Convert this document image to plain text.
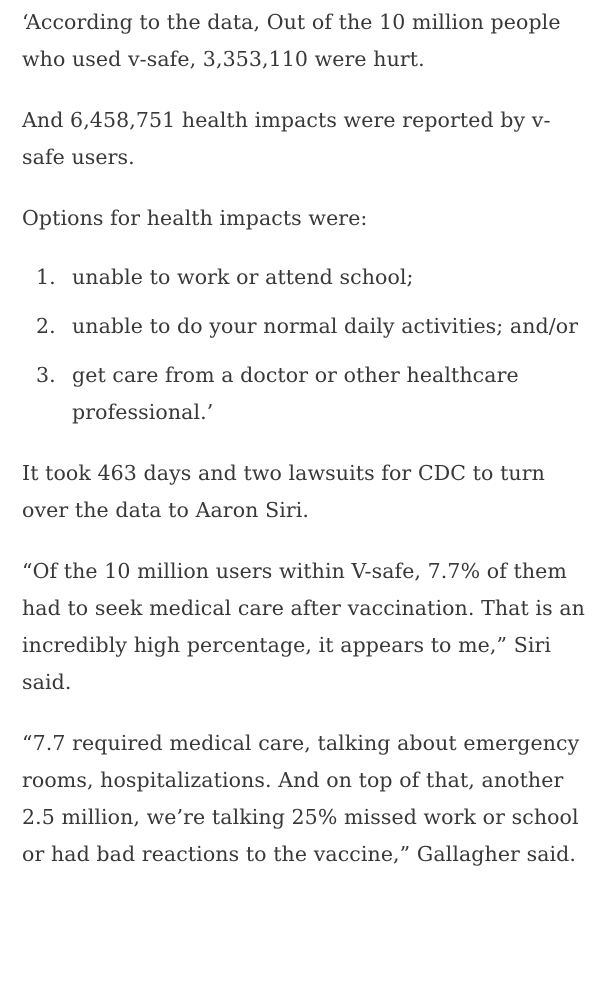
‘According to the data, Out of the 10 million people who used v-safe, 3,353,110 were hurt.

And 6,458,751 health impacts were reported by v-safe users.

Options for health impacts were:

1. unable to work or attend school;
2. unable to do your normal daily activities; and/or
3. get care from a doctor or other healthcare professional.’

It took 463 days and two lawsuits for CDC to turn over the data to Aaron Siri.

“Of the 10 million users within V-safe, 7.7% of them had to seek medical care after vaccination. That is an incredibly high percentage, it appears to me,” Siri said.

“7.7 required medical care, talking about emergency rooms, hospitalizations. And on top of that, another 2.5 million, we’re talking 25% missed work or school or had bad reactions to the vaccine,” Gallagher said.
